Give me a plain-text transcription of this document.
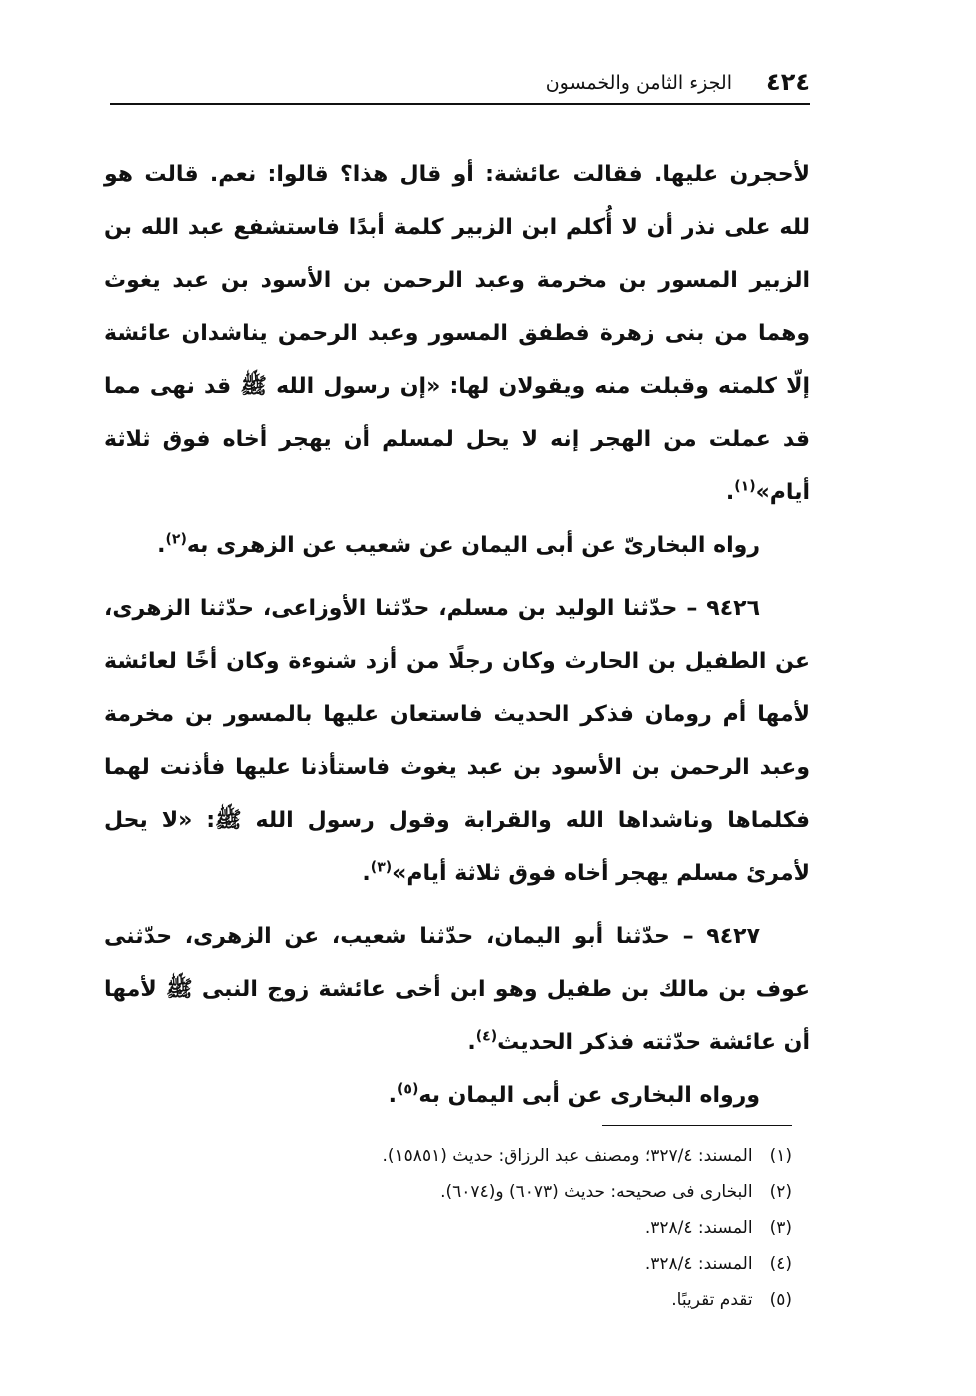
٤٢٤
الجزء الثامن والخمسون

لأحجرن عليها. فقالت عائشة: أو قال هذا؟ قالوا: نعم. قالت هو لله على نذر أن لا أُكلم ابن الزبير كلمة أبدًا فاستشفع عبد الله بن الزبير المسور بن مخرمة وعبد الرحمن بن الأسود بن عبد يغوث وهما من بنى زهرة فطفق المسور وعبد الرحمن يناشدان عائشة إلّا كلمته وقبلت منه ويقولان لها: «إن رسول الله ﷺ قد نهى مما قد عملت من الهجر إنه لا يحل لمسلم أن يهجر أخاه فوق ثلاثة أيام»$^{(١)}$.

رواه البخارىّ عن أبى اليمان عن شعيب عن الزهرى به$^{(٢)}$.

٩٤٢٦ – حدّثنا الوليد بن مسلم، حدّثنا الأوزاعى، حدّثنا الزهرى، عن الطفيل بن الحارث وكان رجلًا من أزد شنوءة وكان أخًا لعائشة لأمها أم رومان فذكر الحديث فاستعان عليها بالمسور بن مخرمة وعبد الرحمن بن الأسود بن عبد يغوث فاستأذنا عليها فأذنت لهما فكلماها وناشداها الله والقرابة وقول رسول الله ﷺ: «لا يحل لأمرئ مسلم يهجر أخاه فوق ثلاثة أيام»$^{(٣)}$.

٩٤٢٧ – حدّثنا أبو اليمان، حدّثنا شعيب، عن الزهرى، حدّثنى عوف بن مالك بن طفيل وهو ابن أخى عائشة زوج النبى ﷺ لأمها أن عائشة حدّثته فذكر الحديث$^{(٤)}$.

ورواه البخارى عن أبى اليمان به$^{(٥)}$.

(١) المسند: ٣٢٧/٤؛ ومصنف عبد الرزاق: حديث (١٥٨٥١).
(٢) البخارى فى صحيحه: حديث (٦٠٧٣) و(٦٠٧٤).
(٣) المسند: ٣٢٨/٤.
(٤) المسند: ٣٢٨/٤.
(٥) تقدم تقريبًا.
